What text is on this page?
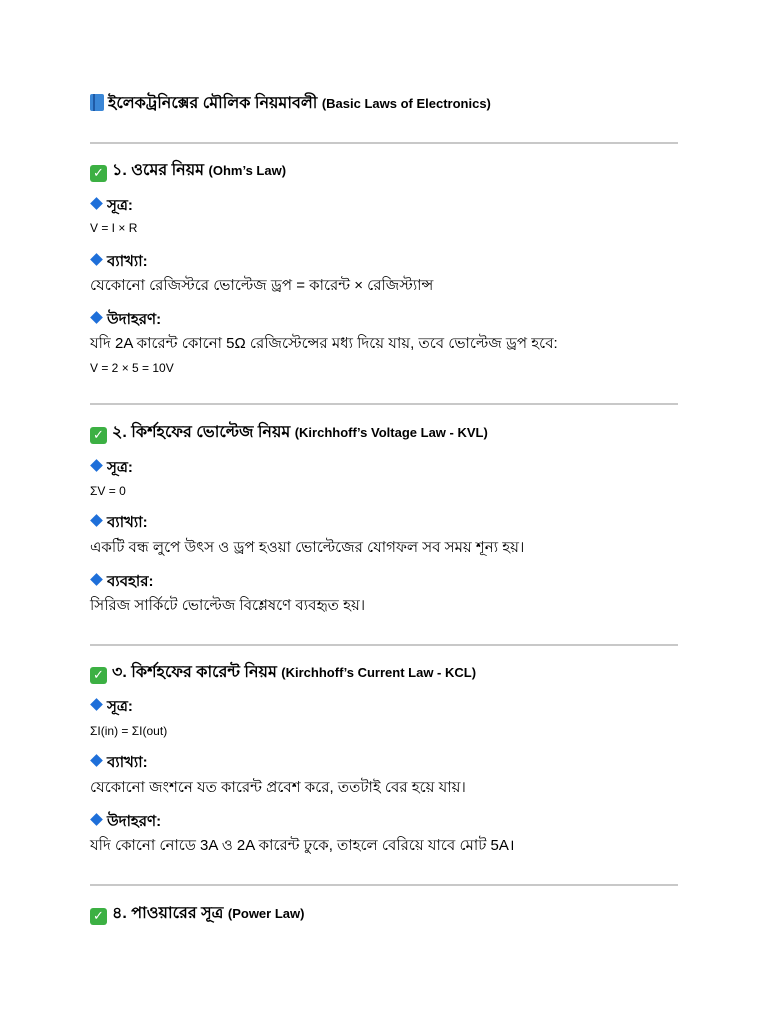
ইলেকট্রনিক্সের মৌলিক নিয়মাবলী (Basic Laws of Electronics)
✓ ১. ওমের নিয়ম (Ohm’s Law)
সূত্র:
V = I × R
ব্যাখ্যা:
যেকোনো রেজিস্টরে ভোল্টেজ ড্রপ = কারেন্ট × রেজিস্ট্যান্স
উদাহরণ:
যদি 2A কারেন্ট কোনো 5Ω রেজিস্টেন্সের মধ্য দিয়ে যায়, তবে ভোল্টেজ ড্রপ হবে:
V = 2 × 5 = 10V
✓ ২. কির্শহফের ভোল্টেজ নিয়ম (Kirchhoff’s Voltage Law - KVL)
সূত্র:
ΣV = 0
ব্যাখ্যা:
একটি বন্ধ লুপে উৎস ও ড্রপ হওয়া ভোল্টেজের যোগফল সব সময় শূন্য হয়।
ব্যবহার:
সিরিজ সার্কিটে ভোল্টেজ বিশ্লেষণে ব্যবহৃত হয়।
✓ ৩. কির্শহফের কারেন্ট নিয়ম (Kirchhoff’s Current Law - KCL)
সূত্র:
ΣI(in) = ΣI(out)
ব্যাখ্যা:
যেকোনো জংশনে যত কারেন্ট প্রবেশ করে, ততটাই বের হয়ে যায়।
উদাহরণ:
যদি কোনো নোডে 3A ও 2A কারেন্ট ঢুকে, তাহলে বেরিয়ে যাবে মোট 5A।
✓ ৪. পাওয়ারের সূত্র (Power Law)
